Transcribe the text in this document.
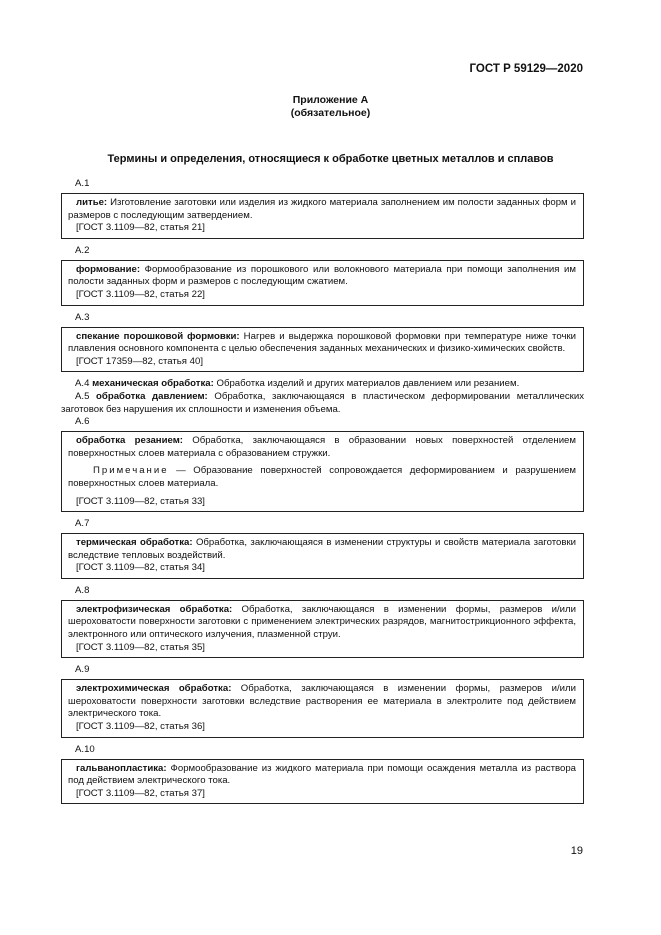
ГОСТ Р 59129—2020
Приложение А
(обязательное)
Термины и определения, относящиеся к обработке цветных металлов и сплавов
А.1
литье: Изготовление заготовки или изделия из жидкого материала заполнением им полости заданных форм и размеров с последующим затвердением.
[ГОСТ 3.1109—82, статья 21]
А.2
формование: Формообразование из порошкового или волокнового материала при помощи заполнения им полости заданных форм и размеров с последующим сжатием.
[ГОСТ 3.1109—82, статья 22]
А.3
спекание порошковой формовки: Нагрев и выдержка порошковой формовки при температуре ниже точки плавления основного компонента с целью обеспечения заданных механических и физико-химических свойств.
[ГОСТ 17359—82, статья 40]
А.4 механическая обработка: Обработка изделий и других материалов давлением или резанием.
А.5 обработка давлением: Обработка, заключающаяся в пластическом деформировании металлических заготовок без нарушения их сплошности и изменения объема.
А.6
обработка резанием: Обработка, заключающаяся в образовании новых поверхностей отделением поверхностных слоев материала с образованием стружки.
Примечание — Образование поверхностей сопровождается деформированием и разрушением поверхностных слоев материала.
[ГОСТ 3.1109—82, статья 33]
А.7
термическая обработка: Обработка, заключающаяся в изменении структуры и свойств материала заготовки вследствие тепловых воздействий.
[ГОСТ 3.1109—82, статья 34]
А.8
электрофизическая обработка: Обработка, заключающаяся в изменении формы, размеров и/или шероховатости поверхности заготовки с применением электрических разрядов, магнитострикционного эффекта, электронного или оптического излучения, плазменной струи.
[ГОСТ 3.1109—82, статья 35]
А.9
электрохимическая обработка: Обработка, заключающаяся в изменении формы, размеров и/или шероховатости поверхности заготовки вследствие растворения ее материала в электролите под действием электрического тока.
[ГОСТ 3.1109—82, статья 36]
А.10
гальванопластика: Формообразование из жидкого материала при помощи осаждения металла из раствора под действием электрического тока.
[ГОСТ 3.1109—82, статья 37]
19
